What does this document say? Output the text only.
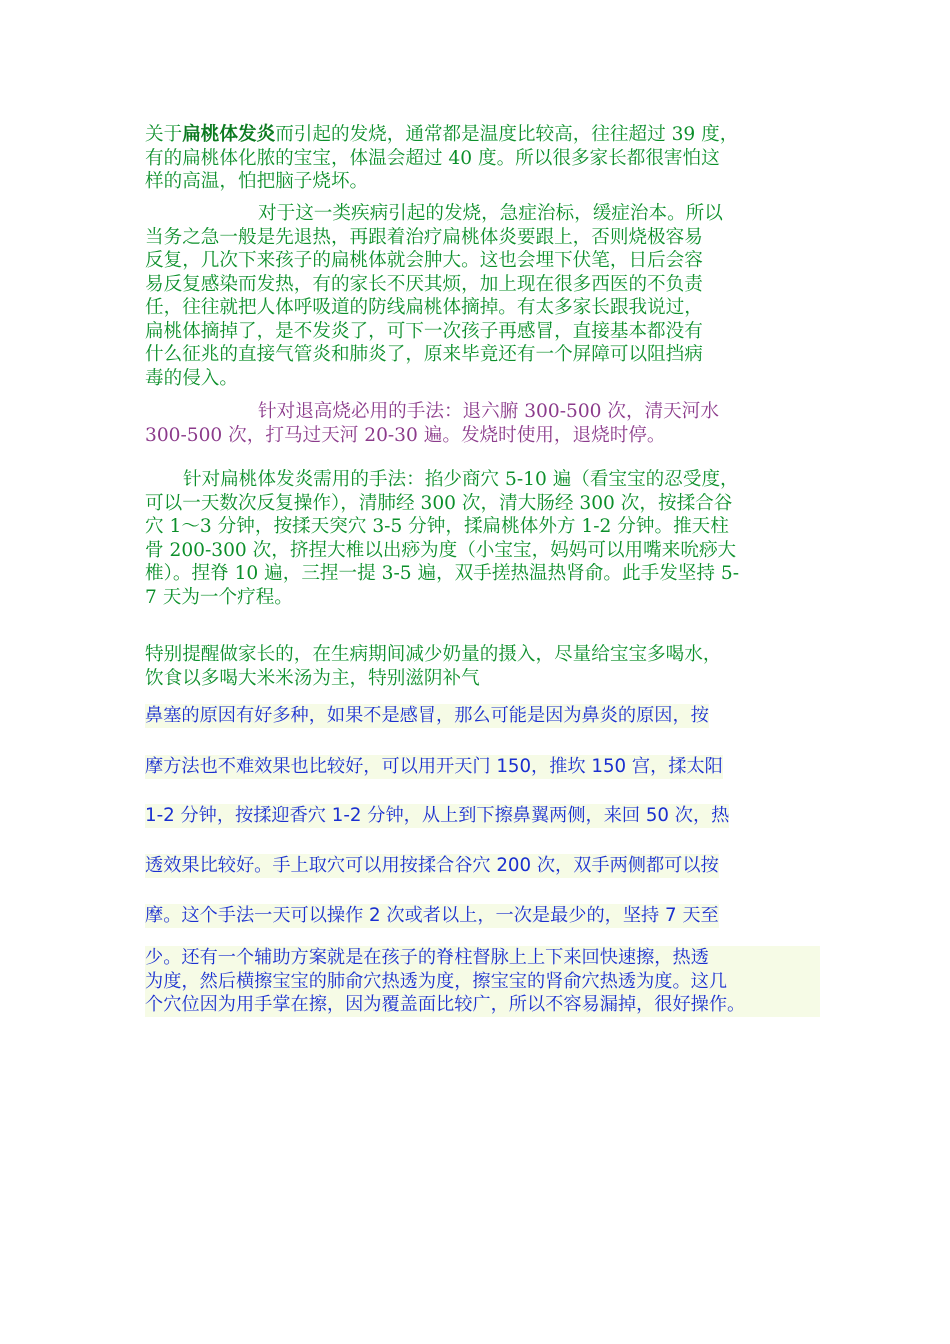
关于扁桃体发炎而引起的发烧，通常都是温度比较高，往往超过 39 度，
有的扁桃体化脓的宝宝，体温会超过 40 度。所以很多家长都很害怕这
样的高温，怕把脑子烧坏。
对于这一类疾病引起的发烧，急症治标，缓症治本。所以
当务之急一般是先退热，再跟着治疗扁桃体炎要跟上，否则烧极容易
反复，几次下来孩子的扁桃体就会肿大。这也会埋下伏笔，日后会容
易反复感染而发热，有的家长不厌其烦，加上现在很多西医的不负责
任，往往就把人体呼吸道的防线扁桃体摘掉。有太多家长跟我说过，
扁桃体摘掉了，是不发炎了，可下一次孩子再感冒，直接基本都没有
什么征兆的直接气管炎和肺炎了，原来毕竟还有一个屏障可以阻挡病
毒的侵入。
针对退高烧必用的手法：退六腑 300-500 次，清天河水
300-500 次，打马过天河 20-30 遍。发烧时使用，退烧时停。
针对扁桃体发炎需用的手法：掐少商穴 5-10 遍（看宝宝的忍受度，
可以一天数次反复操作），清肺经 300 次，清大肠经 300 次，按揉合谷
穴 1～3 分钟，按揉天突穴 3-5 分钟，揉扁桃体外方 1-2 分钟。推天柱
骨 200-300 次，挤捏大椎以出痧为度（小宝宝，妈妈可以用嘴来吮痧大
椎）。捏脊 10 遍，三捏一提 3-5 遍，双手搓热温热肾俞。此手发坚持 5-
7 天为一个疗程。
特别提醒做家长的，在生病期间减少奶量的摄入，尽量给宝宝多喝水，
饮食以多喝大米米汤为主，特别滋阴补气
鼻塞的原因有好多种，如果不是感冒，那么可能是因为鼻炎的原因，按
摩方法也不难效果也比较好，可以用开天门 150，推坎 150 宫，揉太阳
1-2 分钟，按揉迎香穴 1-2 分钟，从上到下擦鼻翼两侧，来回 50 次，热
透效果比较好。手上取穴可以用按揉合谷穴 200 次，双手两侧都可以按
摩。这个手法一天可以操作 2 次或者以上，一次是最少的，坚持 7 天至
少。还有一个辅助方案就是在孩子的脊柱督脉上上下来回快速擦，热透
为度，然后横擦宝宝的肺俞穴热透为度，擦宝宝的肾俞穴热透为度。这几
个穴位因为用手掌在擦，因为覆盖面比较广，所以不容易漏掉，很好操作。
